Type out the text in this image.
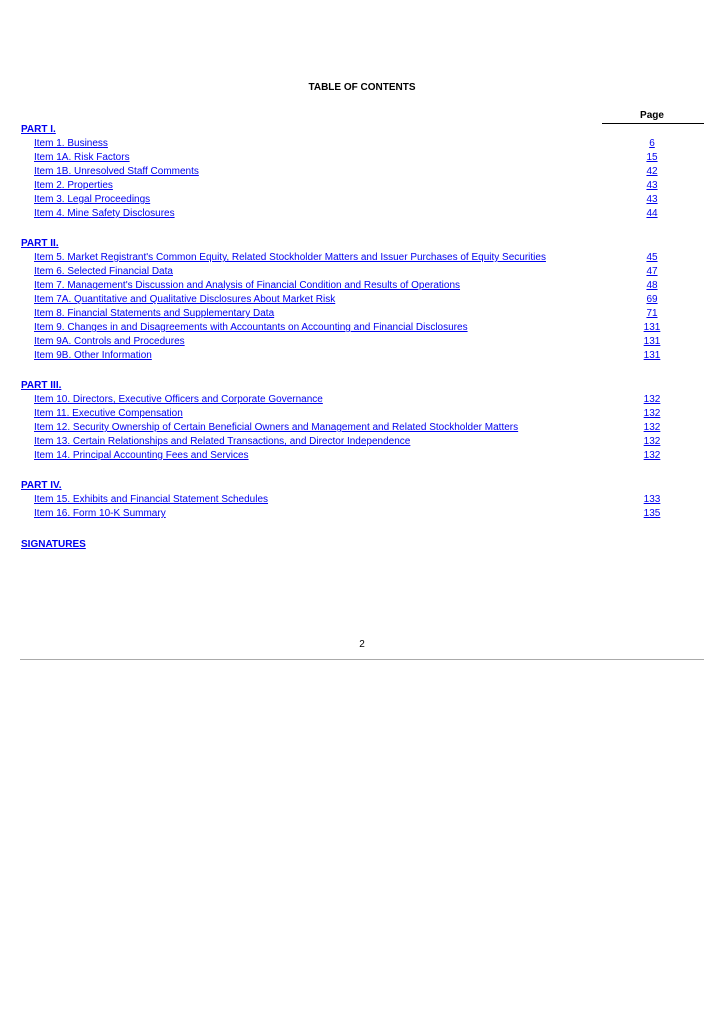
TABLE OF CONTENTS
Page
PART I.
Item 1. Business	6
Item 1A. Risk Factors	15
Item 1B. Unresolved Staff Comments	42
Item 2. Properties	43
Item 3. Legal Proceedings	43
Item 4. Mine Safety Disclosures	44
PART II.
Item 5. Market Registrant's Common Equity, Related Stockholder Matters and Issuer Purchases of Equity Securities	45
Item 6. Selected Financial Data	47
Item 7. Management's Discussion and Analysis of Financial Condition and Results of Operations	48
Item 7A. Quantitative and Qualitative Disclosures About Market Risk	69
Item 8. Financial Statements and Supplementary Data	71
Item 9. Changes in and Disagreements with Accountants on Accounting and Financial Disclosures	131
Item 9A. Controls and Procedures	131
Item 9B. Other Information	131
PART III.
Item 10. Directors, Executive Officers and Corporate Governance	132
Item 11. Executive Compensation	132
Item 12. Security Ownership of Certain Beneficial Owners and Management and Related Stockholder Matters	132
Item 13. Certain Relationships and Related Transactions, and Director Independence	132
Item 14. Principal Accounting Fees and Services	132
PART IV.
Item 15. Exhibits and Financial Statement Schedules	133
Item 16. Form 10-K Summary	135
SIGNATURES
2
